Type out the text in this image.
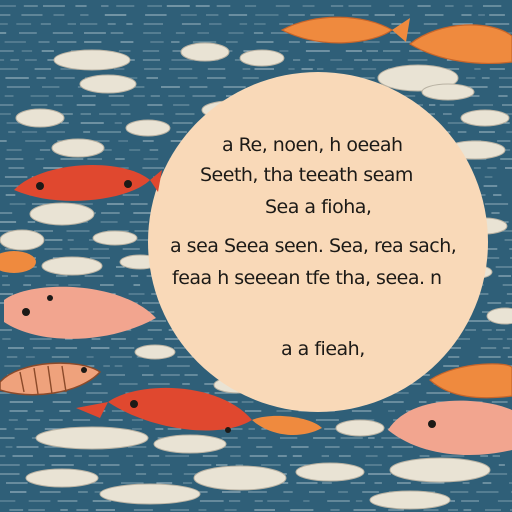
a Re, noen, h oeeah
Seeth, tha teeath seam
Sea a fioha,
a sea Seea seen. Sea, rea sach,
feaa h seeean tfe tha, seea. n
a a fieah,
